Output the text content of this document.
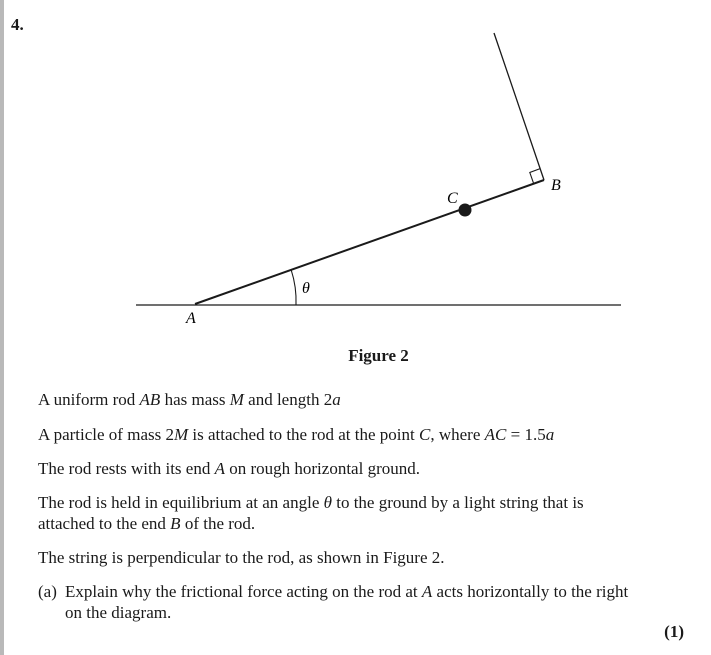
4.
A
B
C
θ
Figure 2
A uniform rod AB has mass M and length 2a
A particle of mass 2M is attached to the rod at the point C, where AC = 1.5a
The rod rests with its end A on rough horizontal ground.
The rod is held in equilibrium at an angle θ to the ground by a light string that is
attached to the end B of the rod.
The string is perpendicular to the rod, as shown in Figure 2.
(a) Explain why the frictional force acting on the rod at A acts horizontally to the right
on the diagram.
(1)
